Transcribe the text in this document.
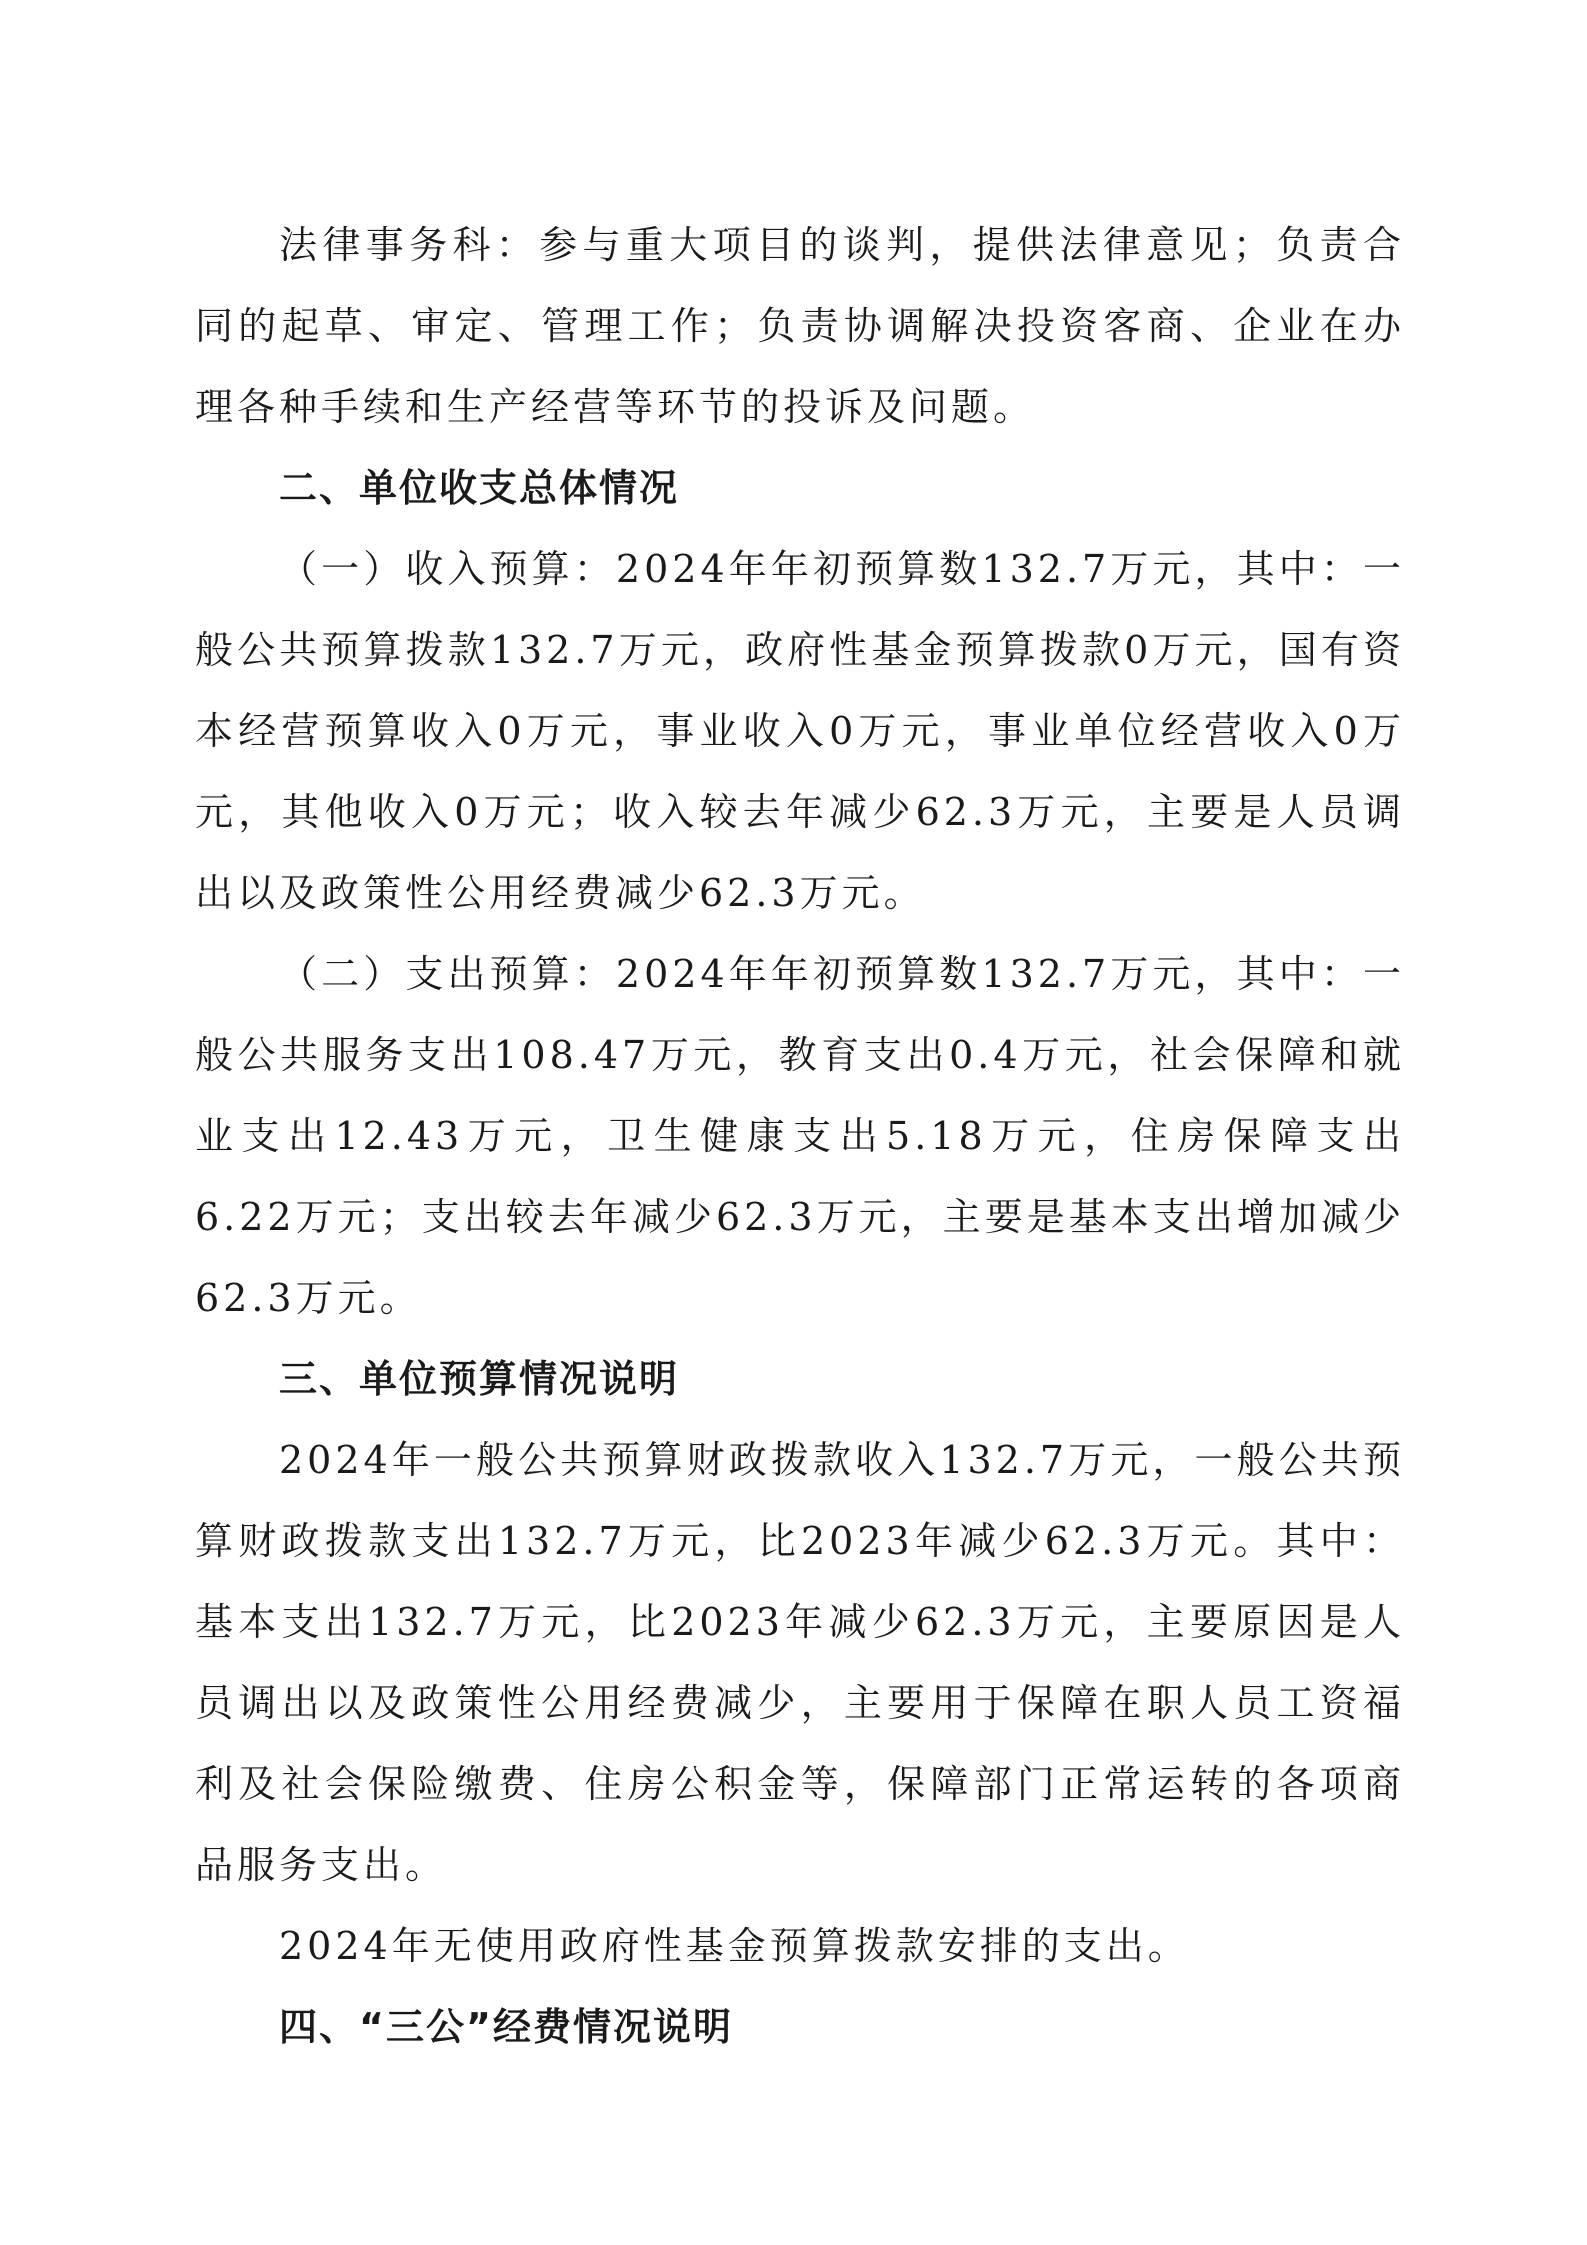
法律事务科：参与重大项目的谈判，提供法律意见；负责合同的起草、审定、管理工作；负责协调解决投资客商、企业在办理各种手续和生产经营等环节的投诉及问题。

二、单位收支总体情况

（一）收入预算：2024年年初预算数132.7万元，其中：一般公共预算拨款132.7万元，政府性基金预算拨款0万元，国有资本经营预算收入0万元，事业收入0万元，事业单位经营收入0万元，其他收入0万元；收入较去年减少62.3万元，主要是人员调出以及政策性公用经费减少62.3万元。

（二）支出预算：2024年年初预算数132.7万元，其中：一般公共服务支出108.47万元，教育支出0.4万元，社会保障和就业支出12.43万元，卫生健康支出5.18万元，住房保障支出6.22万元；支出较去年减少62.3万元，主要是基本支出增加减少62.3万元。

三、单位预算情况说明

2024年一般公共预算财政拨款收入132.7万元，一般公共预算财政拨款支出132.7万元，比2023年减少62.3万元。其中：基本支出132.7万元，比2023年减少62.3万元，主要原因是人员调出以及政策性公用经费减少，主要用于保障在职人员工资福利及社会保险缴费、住房公积金等，保障部门正常运转的各项商品服务支出。

2024年无使用政府性基金预算拨款安排的支出。

四、“三公”经费情况说明
